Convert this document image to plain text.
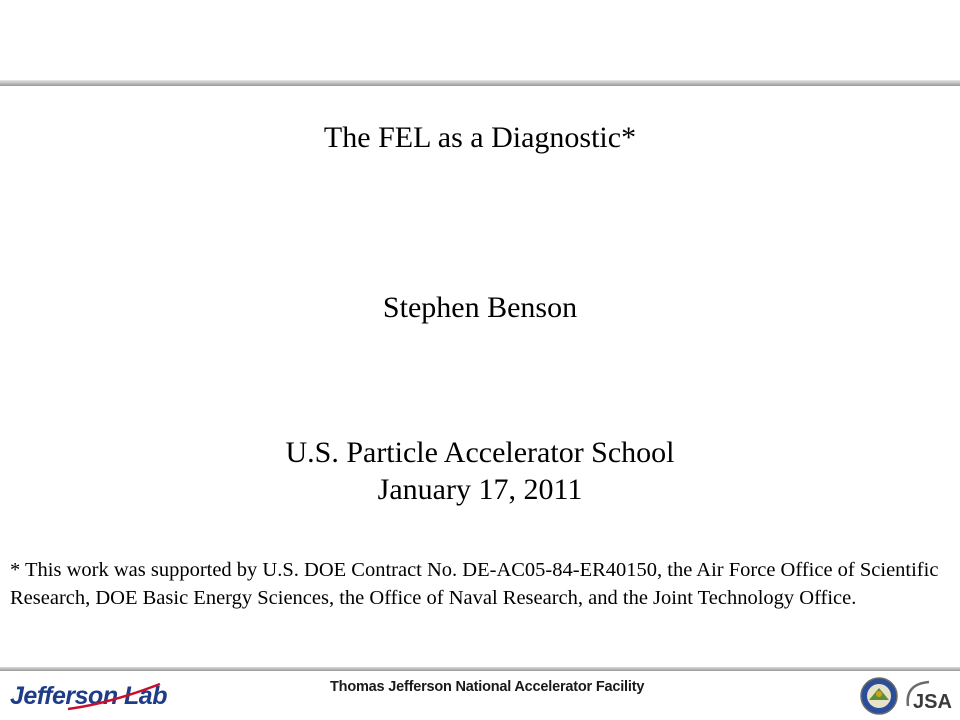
The FEL as a Diagnostic*
Stephen Benson
U.S. Particle Accelerator School
January 17, 2011
* This work was supported by U.S. DOE Contract No. DE-AC05-84-ER40150, the Air Force Office of Scientific Research, DOE Basic Energy Sciences, the Office of Naval Research, and the Joint Technology Office.
Jefferson Lab	Thomas Jefferson National Accelerator Facility
JSA
